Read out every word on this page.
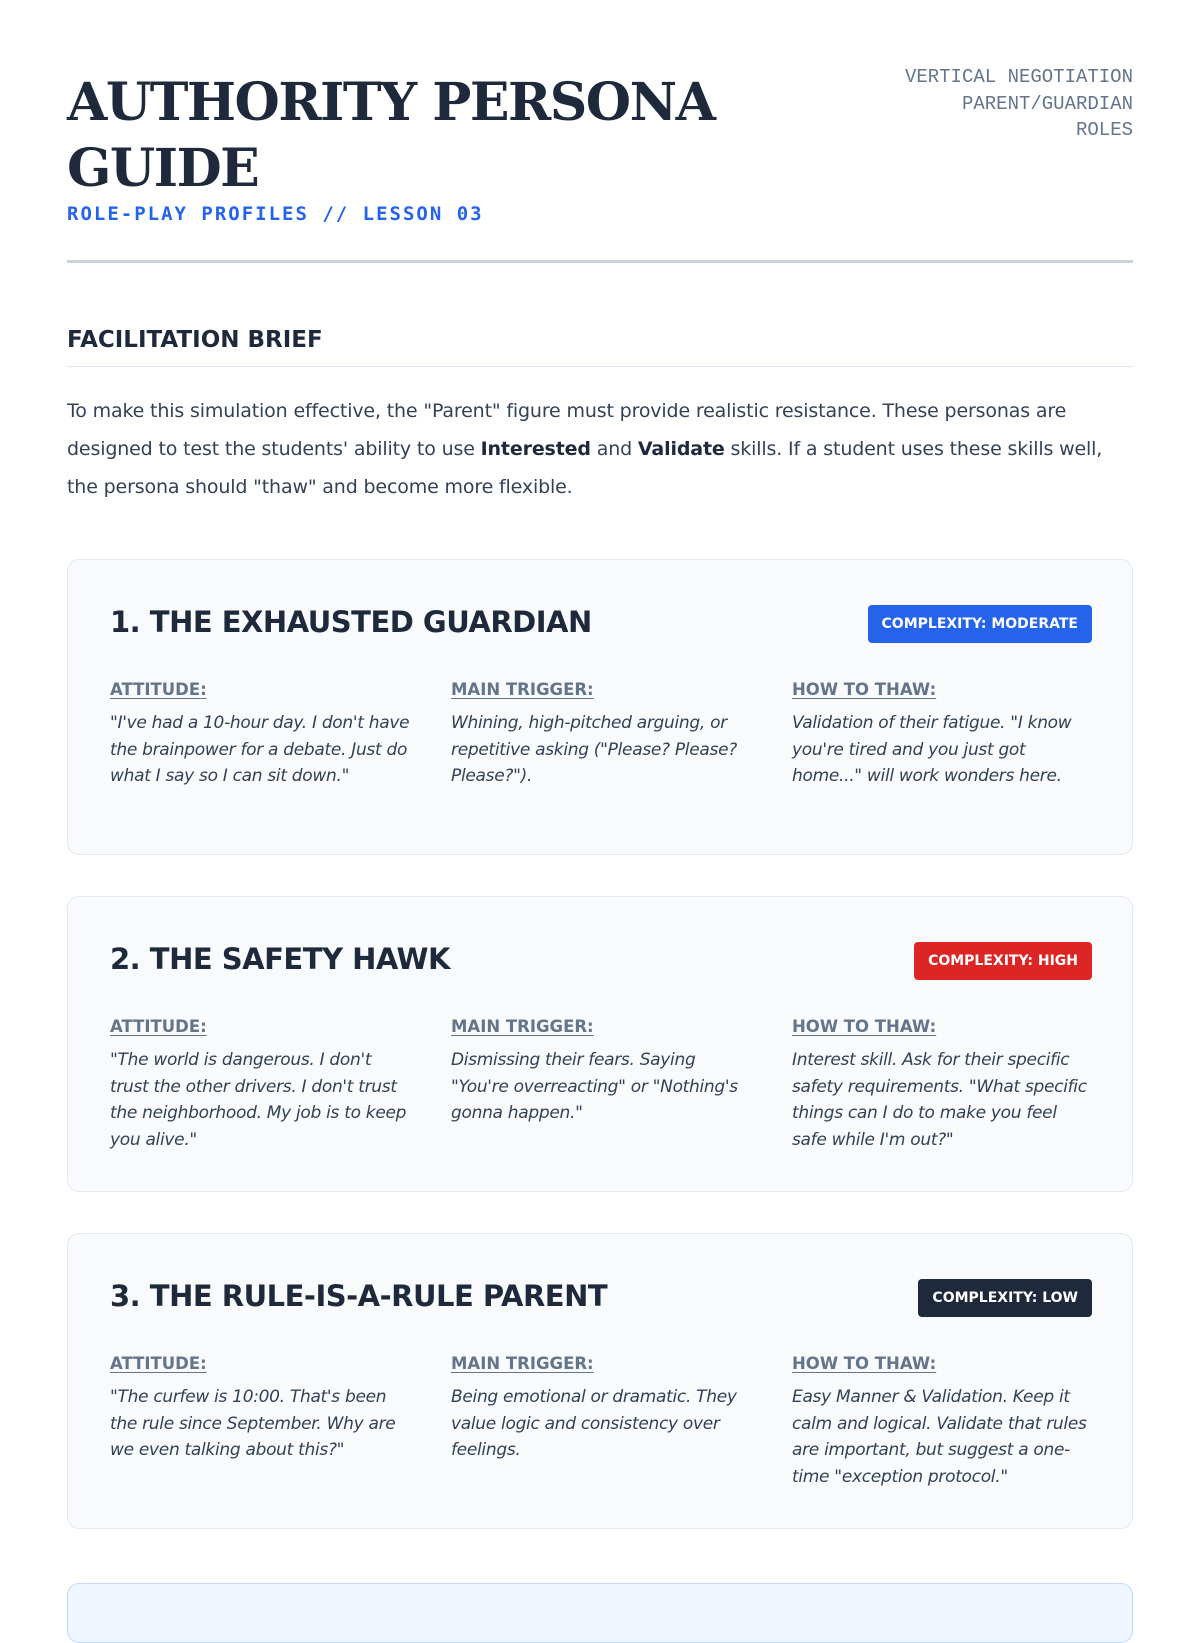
AUTHORITY PERSONA GUIDE
ROLE-PLAY PROFILES // LESSON 03
VERTICAL NEGOTIATION
PARENT/GUARDIAN
ROLES
FACILITATION BRIEF

To make this simulation effective, the "Parent" figure must provide realistic resistance. These personas are designed to test the students' ability to use Interested and Validate skills. If a student uses these skills well, the persona should "thaw" and become more flexible.

1. THE EXHAUSTED GUARDIAN	COMPLEXITY: MODERATE
ATTITUDE:
"I've had a 10-hour day. I don't have the brainpower for a debate. Just do what I say so I can sit down."
MAIN TRIGGER:
Whining, high-pitched arguing, or repetitive asking ("Please? Please? Please?").
HOW TO THAW:
Validation of their fatigue. "I know you're tired and you just got home..." will work wonders here.
2. THE SAFETY HAWK	COMPLEXITY: HIGH
ATTITUDE:
"The world is dangerous. I don't trust the other drivers. I don't trust the neighborhood. My job is to keep you alive."
MAIN TRIGGER:
Dismissing their fears. Saying "You're overreacting" or "Nothing's gonna happen."
HOW TO THAW:
Interest skill. Ask for their specific safety requirements. "What specific things can I do to make you feel safe while I'm out?"
3. THE RULE-IS-A-RULE PARENT	COMPLEXITY: LOW
ATTITUDE:
"The curfew is 10:00. That's been the rule since September. Why are we even talking about this?"
MAIN TRIGGER:
Being emotional or dramatic. They value logic and consistency over feelings.
HOW TO THAW:
Easy Manner & Validation. Keep it calm and logical. Validate that rules are important, but suggest a one-time "exception protocol."
